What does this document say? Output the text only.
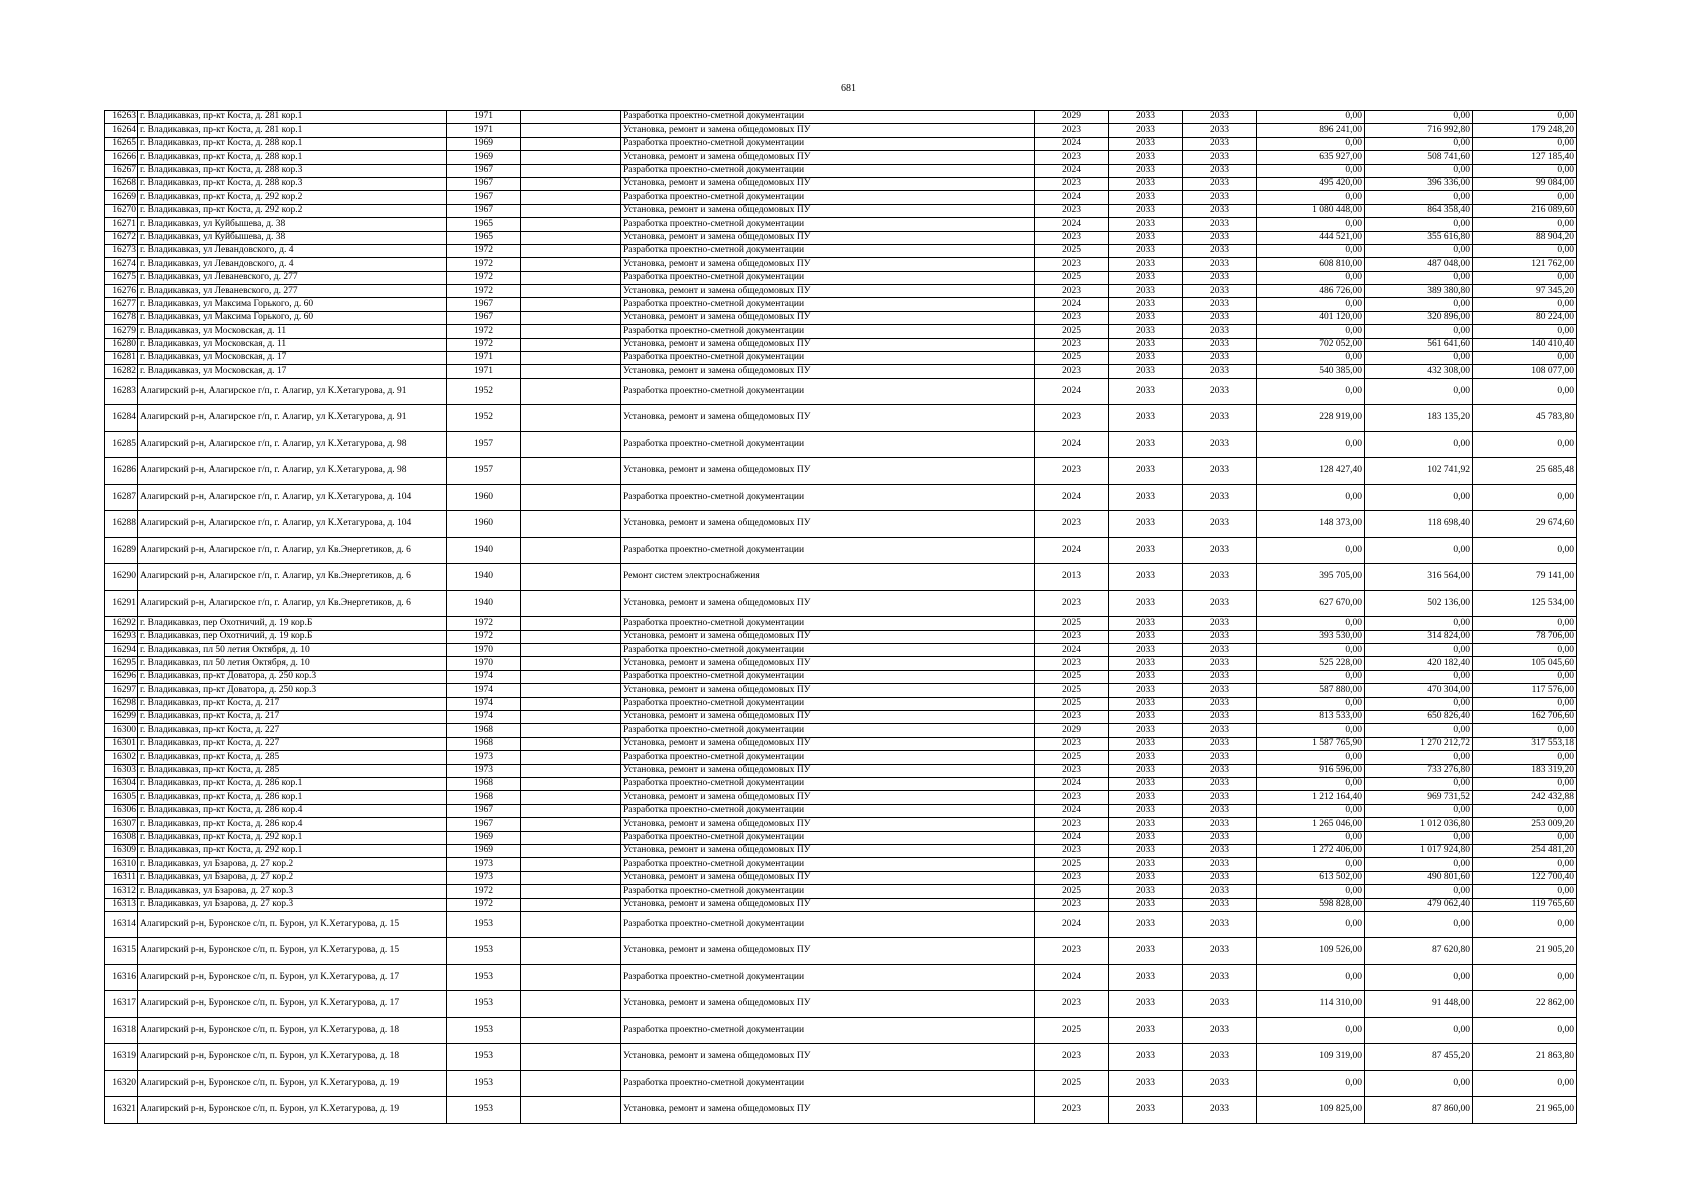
681
16263	г. Владикавказ, пр-кт Коста, д. 281 кор.1	1971		Разработка проектно-сметной документации	2029	2033	2033	0,00	0,00	0,00
16264	г. Владикавказ, пр-кт Коста, д. 281 кор.1	1971		Установка, ремонт и замена общедомовых ПУ	2023	2033	2033	896 241,00	716 992,80	179 248,20
16265	г. Владикавказ, пр-кт Коста, д. 288 кор.1	1969		Разработка проектно-сметной документации	2024	2033	2033	0,00	0,00	0,00
16266	г. Владикавказ, пр-кт Коста, д. 288 кор.1	1969		Установка, ремонт и замена общедомовых ПУ	2023	2033	2033	635 927,00	508 741,60	127 185,40
16267	г. Владикавказ, пр-кт Коста, д. 288 кор.3	1967		Разработка проектно-сметной документации	2024	2033	2033	0,00	0,00	0,00
16268	г. Владикавказ, пр-кт Коста, д. 288 кор.3	1967		Установка, ремонт и замена общедомовых ПУ	2023	2033	2033	495 420,00	396 336,00	99 084,00
16269	г. Владикавказ, пр-кт Коста, д. 292 кор.2	1967		Разработка проектно-сметной документации	2024	2033	2033	0,00	0,00	0,00
16270	г. Владикавказ, пр-кт Коста, д. 292 кор.2	1967		Установка, ремонт и замена общедомовых ПУ	2023	2033	2033	1 080 448,00	864 358,40	216 089,60
16271	г. Владикавказ, ул Куйбышева, д. 38	1965		Разработка проектно-сметной документации	2024	2033	2033	0,00	0,00	0,00
16272	г. Владикавказ, ул Куйбышева, д. 38	1965		Установка, ремонт и замена общедомовых ПУ	2023	2033	2033	444 521,00	355 616,80	88 904,20
16273	г. Владикавказ, ул Левандовского, д. 4	1972		Разработка проектно-сметной документации	2025	2033	2033	0,00	0,00	0,00
16274	г. Владикавказ, ул Левандовского, д. 4	1972		Установка, ремонт и замена общедомовых ПУ	2023	2033	2033	608 810,00	487 048,00	121 762,00
16275	г. Владикавказ, ул Леваневского, д. 277	1972		Разработка проектно-сметной документации	2025	2033	2033	0,00	0,00	0,00
16276	г. Владикавказ, ул Леваневского, д. 277	1972		Установка, ремонт и замена общедомовых ПУ	2023	2033	2033	486 726,00	389 380,80	97 345,20
16277	г. Владикавказ, ул Максима Горького, д. 60	1967		Разработка проектно-сметной документации	2024	2033	2033	0,00	0,00	0,00
16278	г. Владикавказ, ул Максима Горького, д. 60	1967		Установка, ремонт и замена общедомовых ПУ	2023	2033	2033	401 120,00	320 896,00	80 224,00
16279	г. Владикавказ, ул Московская, д. 11	1972		Разработка проектно-сметной документации	2025	2033	2033	0,00	0,00	0,00
16280	г. Владикавказ, ул Московская, д. 11	1972		Установка, ремонт и замена общедомовых ПУ	2023	2033	2033	702 052,00	561 641,60	140 410,40
16281	г. Владикавказ, ул Московская, д. 17	1971		Разработка проектно-сметной документации	2025	2033	2033	0,00	0,00	0,00
16282	г. Владикавказ, ул Московская, д. 17	1971		Установка, ремонт и замена общедомовых ПУ	2023	2033	2033	540 385,00	432 308,00	108 077,00
16283	Алагирский р-н, Алагирское г/п, г. Алагир, ул К.Хетагурова, д. 91	1952		Разработка проектно-сметной документации	2024	2033	2033	0,00	0,00	0,00
16284	Алагирский р-н, Алагирское г/п, г. Алагир, ул К.Хетагурова, д. 91	1952		Установка, ремонт и замена общедомовых ПУ	2023	2033	2033	228 919,00	183 135,20	45 783,80
16285	Алагирский р-н, Алагирское г/п, г. Алагир, ул К.Хетагурова, д. 98	1957		Разработка проектно-сметной документации	2024	2033	2033	0,00	0,00	0,00
16286	Алагирский р-н, Алагирское г/п, г. Алагир, ул К.Хетагурова, д. 98	1957		Установка, ремонт и замена общедомовых ПУ	2023	2033	2033	128 427,40	102 741,92	25 685,48
16287	Алагирский р-н, Алагирское г/п, г. Алагир, ул К.Хетагурова, д. 104	1960		Разработка проектно-сметной документации	2024	2033	2033	0,00	0,00	0,00
16288	Алагирский р-н, Алагирское г/п, г. Алагир, ул К.Хетагурова, д. 104	1960		Установка, ремонт и замена общедомовых ПУ	2023	2033	2033	148 373,00	118 698,40	29 674,60
16289	Алагирский р-н, Алагирское г/п, г. Алагир, ул Кв.Энергетиков, д. 6	1940		Разработка проектно-сметной документации	2024	2033	2033	0,00	0,00	0,00
16290	Алагирский р-н, Алагирское г/п, г. Алагир, ул Кв.Энергетиков, д. 6	1940		Ремонт систем электроснабжения	2013	2033	2033	395 705,00	316 564,00	79 141,00
16291	Алагирский р-н, Алагирское г/п, г. Алагир, ул Кв.Энергетиков, д. 6	1940		Установка, ремонт и замена общедомовых ПУ	2023	2033	2033	627 670,00	502 136,00	125 534,00
16292	г. Владикавказ, пер Охотничий, д. 19 кор.Б	1972		Разработка проектно-сметной документации	2025	2033	2033	0,00	0,00	0,00
16293	г. Владикавказ, пер Охотничий, д. 19 кор.Б	1972		Установка, ремонт и замена общедомовых ПУ	2023	2033	2033	393 530,00	314 824,00	78 706,00
16294	г. Владикавказ, пл 50 летия Октября, д. 10	1970		Разработка проектно-сметной документации	2024	2033	2033	0,00	0,00	0,00
16295	г. Владикавказ, пл 50 летия Октября, д. 10	1970		Установка, ремонт и замена общедомовых ПУ	2023	2033	2033	525 228,00	420 182,40	105 045,60
16296	г. Владикавказ, пр-кт Доватора, д. 250 кор.3	1974		Разработка проектно-сметной документации	2025	2033	2033	0,00	0,00	0,00
16297	г. Владикавказ, пр-кт Доватора, д. 250 кор.3	1974		Установка, ремонт и замена общедомовых ПУ	2025	2033	2033	587 880,00	470 304,00	117 576,00
16298	г. Владикавказ, пр-кт Коста, д. 217	1974		Разработка проектно-сметной документации	2025	2033	2033	0,00	0,00	0,00
16299	г. Владикавказ, пр-кт Коста, д. 217	1974		Установка, ремонт и замена общедомовых ПУ	2023	2033	2033	813 533,00	650 826,40	162 706,60
16300	г. Владикавказ, пр-кт Коста, д. 227	1968		Разработка проектно-сметной документации	2029	2033	2033	0,00	0,00	0,00
16301	г. Владикавказ, пр-кт Коста, д. 227	1968		Установка, ремонт и замена общедомовых ПУ	2023	2033	2033	1 587 765,90	1 270 212,72	317 553,18
16302	г. Владикавказ, пр-кт Коста, д. 285	1973		Разработка проектно-сметной документации	2025	2033	2033	0,00	0,00	0,00
16303	г. Владикавказ, пр-кт Коста, д. 285	1973		Установка, ремонт и замена общедомовых ПУ	2023	2033	2033	916 596,00	733 276,80	183 319,20
16304	г. Владикавказ, пр-кт Коста, д. 286 кор.1	1968		Разработка проектно-сметной документации	2024	2033	2033	0,00	0,00	0,00
16305	г. Владикавказ, пр-кт Коста, д. 286 кор.1	1968		Установка, ремонт и замена общедомовых ПУ	2023	2033	2033	1 212 164,40	969 731,52	242 432,88
16306	г. Владикавказ, пр-кт Коста, д. 286 кор.4	1967		Разработка проектно-сметной документации	2024	2033	2033	0,00	0,00	0,00
16307	г. Владикавказ, пр-кт Коста, д. 286 кор.4	1967		Установка, ремонт и замена общедомовых ПУ	2023	2033	2033	1 265 046,00	1 012 036,80	253 009,20
16308	г. Владикавказ, пр-кт Коста, д. 292 кор.1	1969		Разработка проектно-сметной документации	2024	2033	2033	0,00	0,00	0,00
16309	г. Владикавказ, пр-кт Коста, д. 292 кор.1	1969		Установка, ремонт и замена общедомовых ПУ	2023	2033	2033	1 272 406,00	1 017 924,80	254 481,20
16310	г. Владикавказ, ул Бзарова, д. 27 кор.2	1973		Разработка проектно-сметной документации	2025	2033	2033	0,00	0,00	0,00
16311	г. Владикавказ, ул Бзарова, д. 27 кор.2	1973		Установка, ремонт и замена общедомовых ПУ	2023	2033	2033	613 502,00	490 801,60	122 700,40
16312	г. Владикавказ, ул Бзарова, д. 27 кор.3	1972		Разработка проектно-сметной документации	2025	2033	2033	0,00	0,00	0,00
16313	г. Владикавказ, ул Бзарова, д. 27 кор.3	1972		Установка, ремонт и замена общедомовых ПУ	2023	2033	2033	598 828,00	479 062,40	119 765,60
16314	Алагирский р-н, Буронское с/п, п. Бурон, ул К.Хетагурова, д. 15	1953		Разработка проектно-сметной документации	2024	2033	2033	0,00	0,00	0,00
16315	Алагирский р-н, Буронское с/п, п. Бурон, ул К.Хетагурова, д. 15	1953		Установка, ремонт и замена общедомовых ПУ	2023	2033	2033	109 526,00	87 620,80	21 905,20
16316	Алагирский р-н, Буронское с/п, п. Бурон, ул К.Хетагурова, д. 17	1953		Разработка проектно-сметной документации	2024	2033	2033	0,00	0,00	0,00
16317	Алагирский р-н, Буронское с/п, п. Бурон, ул К.Хетагурова, д. 17	1953		Установка, ремонт и замена общедомовых ПУ	2023	2033	2033	114 310,00	91 448,00	22 862,00
16318	Алагирский р-н, Буронское с/п, п. Бурон, ул К.Хетагурова, д. 18	1953		Разработка проектно-сметной документации	2025	2033	2033	0,00	0,00	0,00
16319	Алагирский р-н, Буронское с/п, п. Бурон, ул К.Хетагурова, д. 18	1953		Установка, ремонт и замена общедомовых ПУ	2023	2033	2033	109 319,00	87 455,20	21 863,80
16320	Алагирский р-н, Буронское с/п, п. Бурон, ул К.Хетагурова, д. 19	1953		Разработка проектно-сметной документации	2025	2033	2033	0,00	0,00	0,00
16321	Алагирский р-н, Буронское с/п, п. Бурон, ул К.Хетагурова, д. 19	1953		Установка, ремонт и замена общедомовых ПУ	2023	2033	2033	109 825,00	87 860,00	21 965,00
